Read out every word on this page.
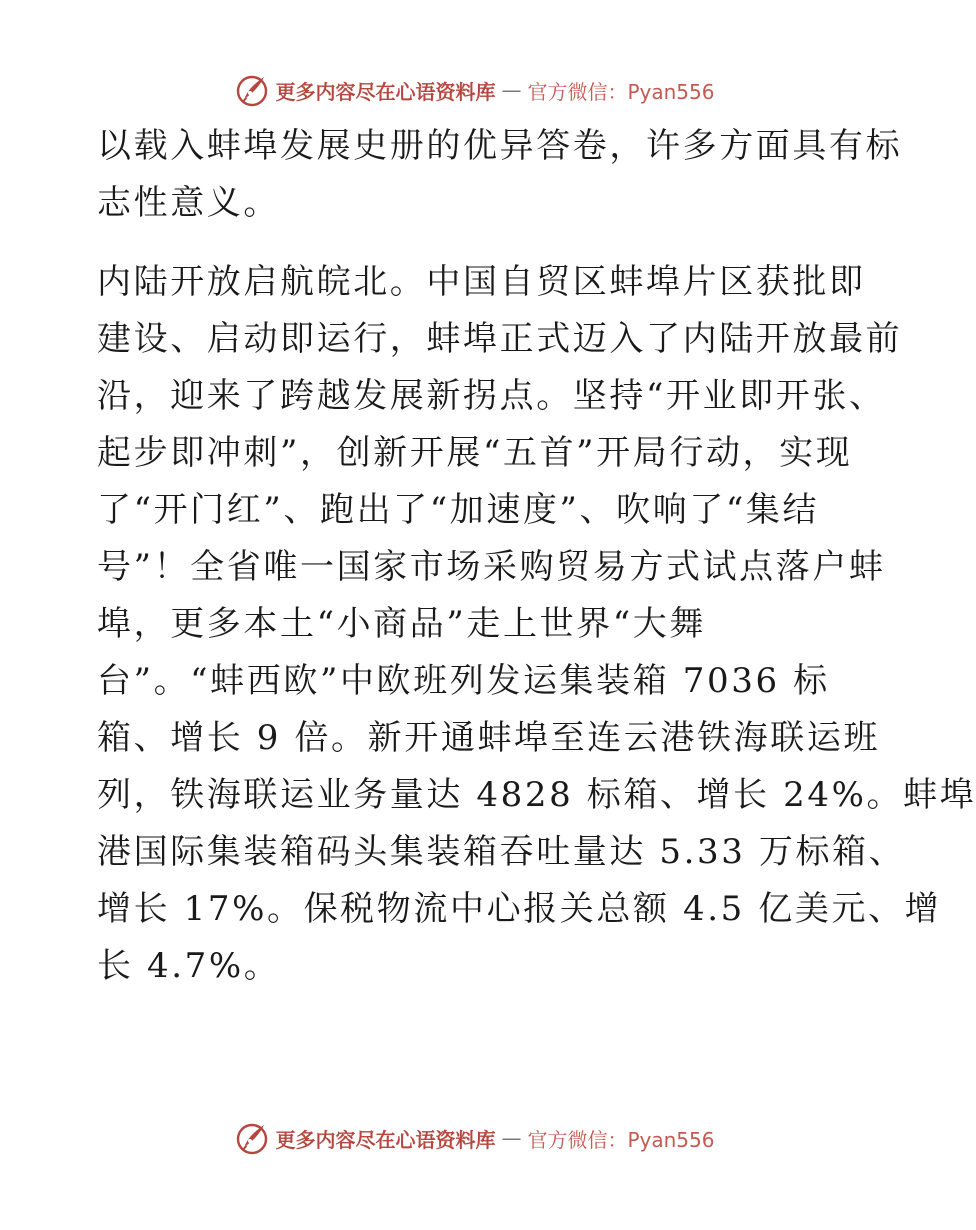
更多内容尽在心语资料库 — 官方微信：Pyan556
以载入蚌埠发展史册的优异答卷，许多方面具有标
志性意义。
内陆开放启航皖北。中国自贸区蚌埠片区获批即
建设、启动即运行，蚌埠正式迈入了内陆开放最前
沿，迎来了跨越发展新拐点。坚持“开业即开张、
起步即冲刺”，创新开展“五首”开局行动，实现
了“开门红”、跑出了“加速度”、吹响了“集结
号”！全省唯一国家市场采购贸易方式试点落户蚌
埠，更多本土“小商品”走上世界“大舞
台”。“蚌西欧”中欧班列发运集装箱 7036 标
箱、增长 9 倍。新开通蚌埠至连云港铁海联运班
列，铁海联运业务量达 4828 标箱、增长 24%。蚌埠
港国际集装箱码头集装箱吞吐量达 5.33 万标箱、
增长 17%。保税物流中心报关总额 4.5 亿美元、增
长 4.7%。
更多内容尽在心语资料库 — 官方微信：Pyan556
